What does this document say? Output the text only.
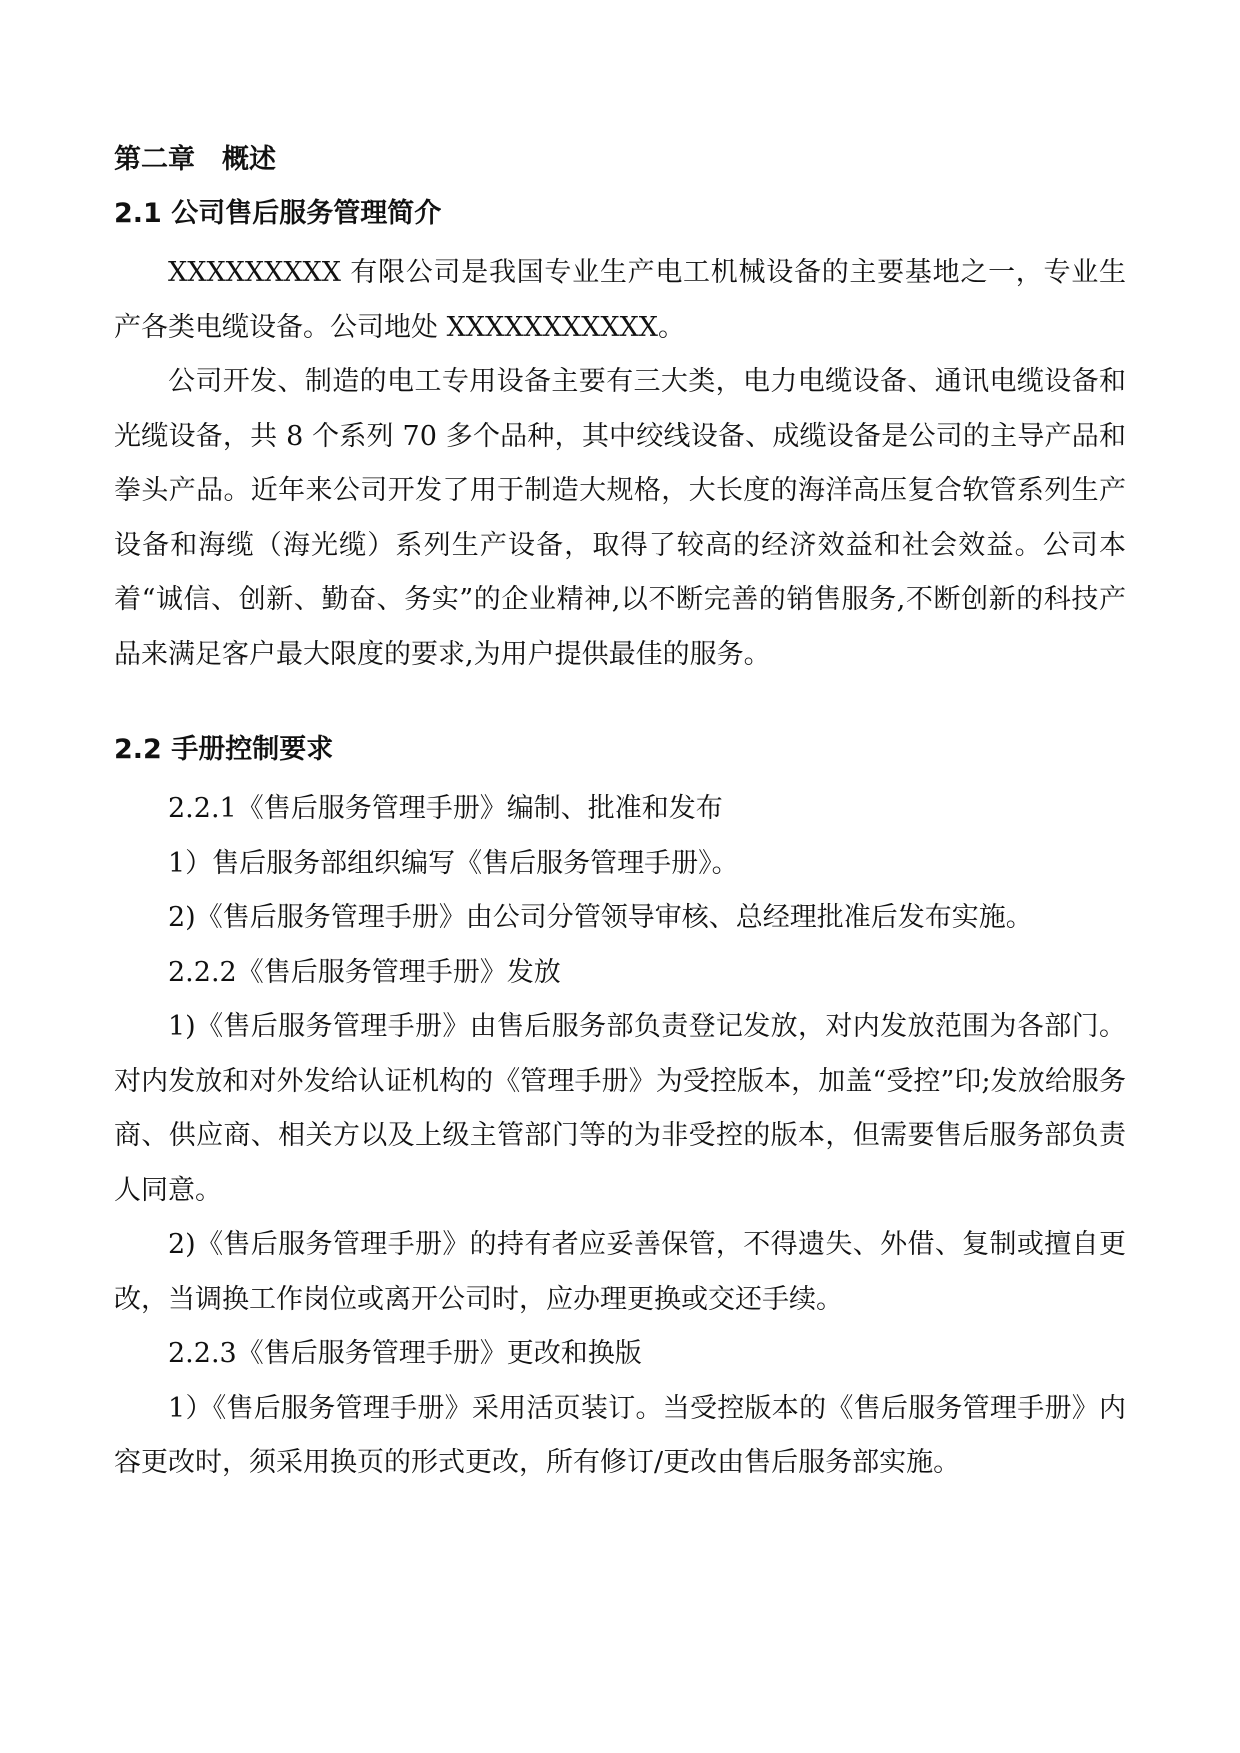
第二章　概述
2.1 公司售后服务管理简介

XXXXXXXXX 有限公司是我国专业生产电工机械设备的主要基地之一，专业生产各类电缆设备。公司地处 XXXXXXXXXXX。

公司开发、制造的电工专用设备主要有三大类，电力电缆设备、通讯电缆设备和光缆设备，共 8 个系列 70 多个品种，其中绞线设备、成缆设备是公司的主导产品和拳头产品。近年来公司开发了用于制造大规格，大长度的海洋高压复合软管系列生产设备和海缆（海光缆）系列生产设备，取得了较高的经济效益和社会效益。公司本着“诚信、创新、勤奋、务实”的企业精神,以不断完善的销售服务,不断创新的科技产品来满足客户最大限度的要求,为用户提供最佳的服务。

2.2 手册控制要求

2.2.1《售后服务管理手册》编制、批准和发布

1）售后服务部组织编写《售后服务管理手册》。

2)《售后服务管理手册》由公司分管领导审核、总经理批准后发布实施。

2.2.2《售后服务管理手册》发放

1)《售后服务管理手册》由售后服务部负责登记发放，对内发放范围为各部门。对内发放和对外发给认证机构的《管理手册》为受控版本，加盖“受控”印;发放给服务商、供应商、相关方以及上级主管部门等的为非受控的版本，但需要售后服务部负责人同意。

2)《售后服务管理手册》的持有者应妥善保管，不得遗失、外借、复制或擅自更改，当调换工作岗位或离开公司时，应办理更换或交还手续。

2.2.3《售后服务管理手册》更改和换版

1）《售后服务管理手册》采用活页装订。当受控版本的《售后服务管理手册》内容更改时，须采用换页的形式更改，所有修订/更改由售后服务部实施。
